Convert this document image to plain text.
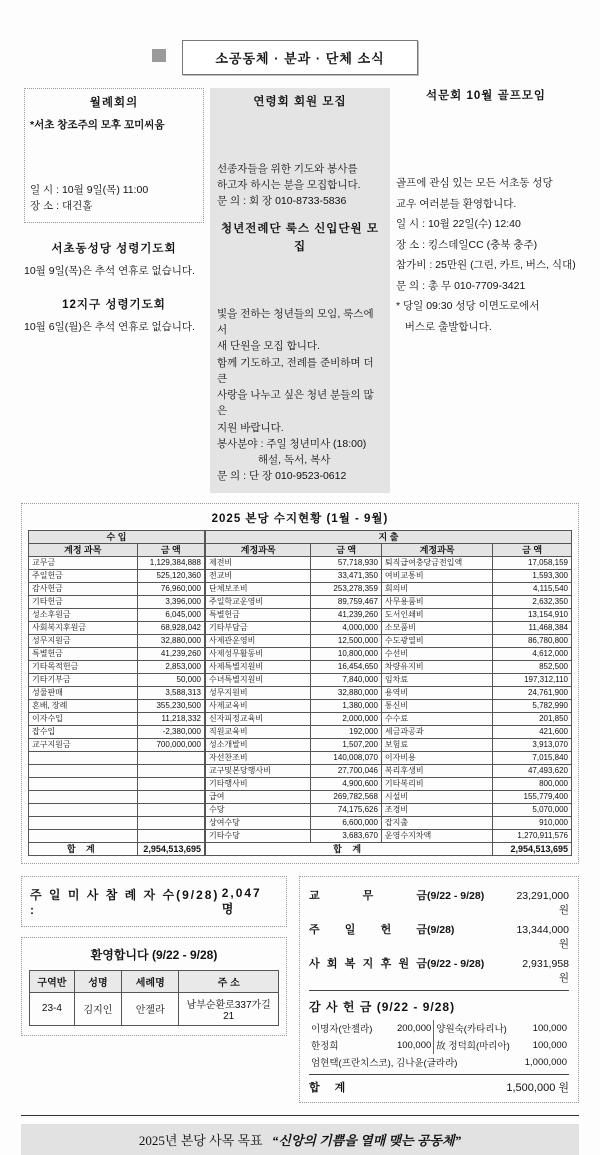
소공동체 · 분과 · 단체 소식
월례회의
*서초 창조주의 모후 꼬미씨움

일 시 : 10월 9일(목) 11:00
장 소 : 대건홀
서초동성당 성령기도회
10월 9일(목)은 추석 연휴로 없습니다.
12지구 성령기도회
10월 6일(월)은 추석 연휴로 없습니다.
연령회 회원 모집

선종자들을 위한 기도와 봉사를
하고자 하시는 분을 모집합니다.
문 의 : 회 장 010-8733-5836
청년전례단 룩스 신입단원 모집

빛을 전하는 청년들의 모임, 룩스에서
새 단원을 모집 합니다.
함께 기도하고, 전례를 준비하며 더 큰
사랑을 나누고 싶은 청년 분들의 많은
지원 바랍니다.
봉사분야 : 주일 청년미사 (18:00)
해설, 독서, 복사
문 의 : 단 장 010-9523-0612
석문회 10월 골프모임

골프에 관심 있는 모든 서초동 성당
교우 여러분들 환영합니다.
일 시 : 10월 22일(수) 12:40
장 소 : 킹스데일CC (충북 충주)
참가비 : 25만원 (그린, 카트, 버스, 식대)
문 의 : 총 무 010-7709-3421
* 당일 09:30 성당 이면도로에서
버스로 출발합니다.
2025 본당 수지현황 (1월 - 9월)
수 입		지 출			
계정 과목	금 액	계정과목	금 액	계정과목	금 액
교무금	1,129,384,888	제전비	57,718,930	퇴직급여충당금전입액	17,058,159
주일헌금	525,120,360	전교비	33,471,350	여비교통비	1,593,300
감사헌금	76,960,000	단체보조비	253,278,359	회의비	4,115,540
기타헌금	3,396,000	주일학교운영비	89,759,467	사무용품비	2,632,350
성소후원금	6,045,000	특별헌금	41,239,260	도서인쇄비	13,154,910
사회복지후원금	68,928,042	기타부담금	4,000,000	소모품비	11,468,384
성무지원금	32,880,000	사제관운영비	12,500,000	수도광열비	86,780,800
특별헌금	41,239,260	사제성무활동비	10,800,000	수선비	4,612,000
기타목적헌금	2,853,000	사제특별지원비	16,454,650	차량유지비	852,500
기타기부금	50,000	수녀특별지원비	7,840,000	임차료	197,312,110
성물판매	3,588,313	성무지원비	32,880,000	용역비	24,761,900
혼배, 장례	355,230,500	사제교육비	1,380,000	통신비	5,782,990
이자수입	11,218,332	신자피정교육비	2,000,000	수수료	201,850
잡수입	-2,380,000	직원교육비	192,000	세금과공과	421,600
교구지원금	700,000,000	성소개발비	1,507,200	보험료	3,913,070
		자선찬조비	140,008,070	이자비용	7,015,840
		교구및본당행사비	27,700,046	복리후생비	47,493,620
		기타행사비	4,900,600	기타복리비	800,000
		급여	269,782,568	시설비	155,779,400
		수당	74,175,626	조경비	5,070,000
		상여수당	6,600,000	잡지출	910,000
		기타수당	3,683,670	운영수지차액	1,270,911,576
합 계	2,954,513,695	합 계			2,954,513,695
주 일 미 사 참 례 자 수(9/28) :
2,047 명
환영합니다 (9/22 - 9/28)
구역반	성명	세례명	주 소
23-4	김지인	안젤라	남부순환로337가길 21
교 무 금 (9/22 - 9/28)	23,291,000 원
주 일 헌 금 (9/28)	13,344,000 원
사 회 복 지 후 원 금 (9/22 - 9/28)	2,931,958 원
감 사 헌 금 (9/22 - 9/28)
이명자(안젤라)	200,000	양원숙(카타리나)	100,000
한정희	100,000	故 정덕희(마리아)	100,000
엄현택(프란치스코), 김나윤(글라라)			1,000,000
합 계	1,500,000 원
2025년 본당 사목 목표 “신앙의 기쁨을 열매 맺는 공동체”
